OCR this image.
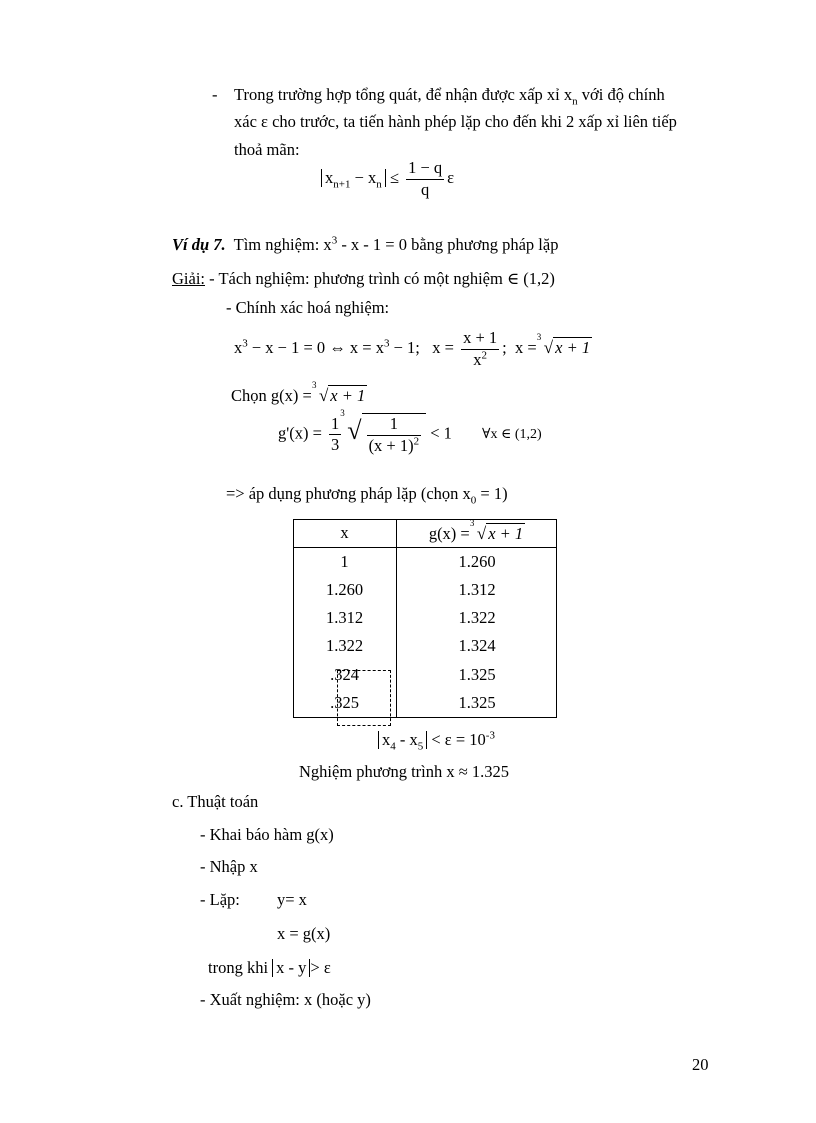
- Trong trường hợp tổng quát, để nhận được xấp xỉ $x_n$ với độ chính
xác ε cho trước, ta tiến hành phép lặp cho đến khi 2 xấp xỉ liên tiếp
thoả mãn:
$x_{n+1} - x_n \le \frac{1 - q}{q}$ ε
Ví dụ 7. Tìm nghiệm: $x^3 - x - 1 = 0$ bằng phương pháp lặp
Giải: - Tách nghiệm: phương trình có một nghiệm ∈ (1,2)
- Chính xác hoá nghiệm:
$x^3 - x - 1 = 0$ ⇔ $x = x^3 - 1$; $x = \frac{x + 1}{x^2}$ ; x =
3
√ x + 1
Chọn g(x) =
3
√ x + 1
$g'(x) = \frac{1}{3}$
3
√ $\frac{1}{(x + 1)^2} < 1$ ∀x ∈ (1,2)
=> áp dụng phương pháp lặp (chọn $x_0 = 1$)
x	g(x) =
3
√ x + 1
1	1.260
1.260	1.312
1.312	1.322
1.322	1.324
.324	1.325
.325	1.325
$x_4 - x_5 < \varepsilon = 10^{-3}$
Nghiệm phương trình x ≈ 1.325
c. Thuật toán
- Khai báo hàm g(x)
- Nhập x
- Lặp: y= x
x = g(x)
trong khi x - y > ε
- Xuất nghiệm: x (hoặc y)
20
